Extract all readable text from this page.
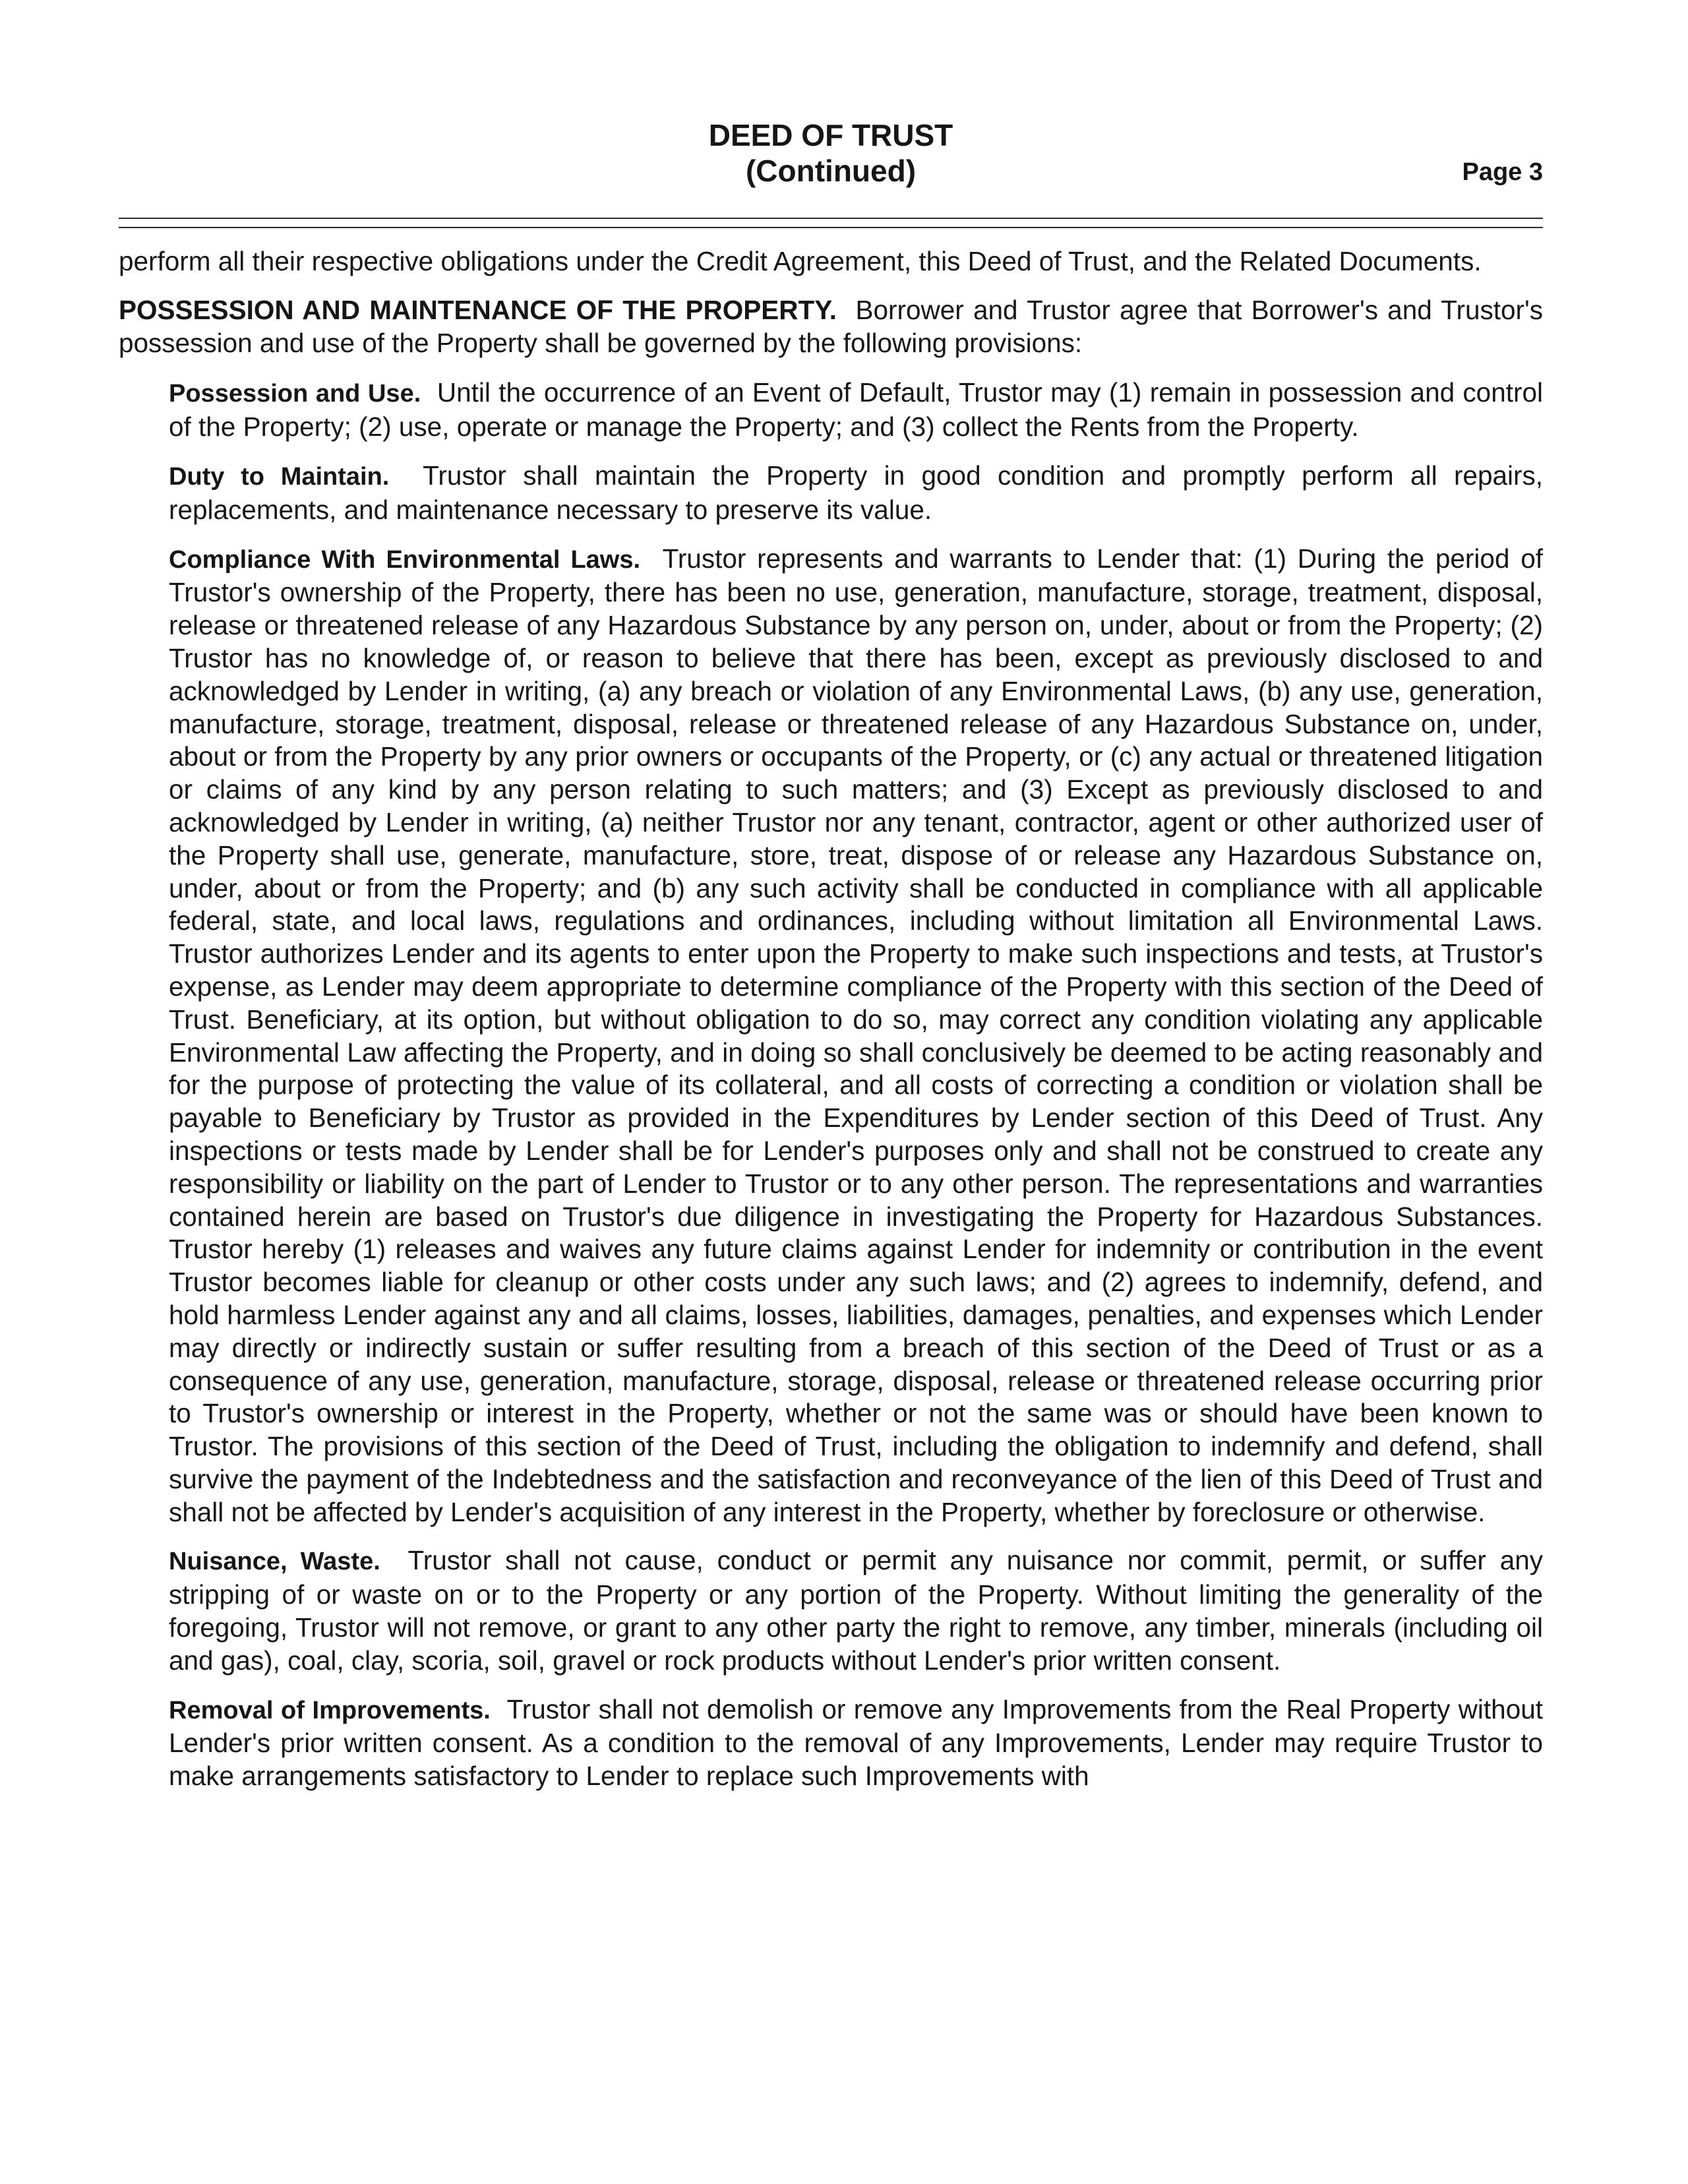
DEED OF TRUST
(Continued)	Page 3

perform all their respective obligations under the Credit Agreement, this Deed of Trust, and the Related Documents.

POSSESSION AND MAINTENANCE OF THE PROPERTY. Borrower and Trustor agree that Borrower's and Trustor's possession and use of the Property shall be governed by the following provisions:

Possession and Use. Until the occurrence of an Event of Default, Trustor may (1) remain in possession and control of the Property; (2) use, operate or manage the Property; and (3) collect the Rents from the Property.

Duty to Maintain. Trustor shall maintain the Property in good condition and promptly perform all repairs, replacements, and maintenance necessary to preserve its value.

Compliance With Environmental Laws. Trustor represents and warrants to Lender that: (1) During the period of Trustor's ownership of the Property, there has been no use, generation, manufacture, storage, treatment, disposal, release or threatened release of any Hazardous Substance by any person on, under, about or from the Property; (2) Trustor has no knowledge of, or reason to believe that there has been, except as previously disclosed to and acknowledged by Lender in writing, (a) any breach or violation of any Environmental Laws, (b) any use, generation, manufacture, storage, treatment, disposal, release or threatened release of any Hazardous Substance on, under, about or from the Property by any prior owners or occupants of the Property, or (c) any actual or threatened litigation or claims of any kind by any person relating to such matters; and (3) Except as previously disclosed to and acknowledged by Lender in writing, (a) neither Trustor nor any tenant, contractor, agent or other authorized user of the Property shall use, generate, manufacture, store, treat, dispose of or release any Hazardous Substance on, under, about or from the Property; and (b) any such activity shall be conducted in compliance with all applicable federal, state, and local laws, regulations and ordinances, including without limitation all Environmental Laws. Trustor authorizes Lender and its agents to enter upon the Property to make such inspections and tests, at Trustor's expense, as Lender may deem appropriate to determine compliance of the Property with this section of the Deed of Trust. Beneficiary, at its option, but without obligation to do so, may correct any condition violating any applicable Environmental Law affecting the Property, and in doing so shall conclusively be deemed to be acting reasonably and for the purpose of protecting the value of its collateral, and all costs of correcting a condition or violation shall be payable to Beneficiary by Trustor as provided in the Expenditures by Lender section of this Deed of Trust. Any inspections or tests made by Lender shall be for Lender's purposes only and shall not be construed to create any responsibility or liability on the part of Lender to Trustor or to any other person. The representations and warranties contained herein are based on Trustor's due diligence in investigating the Property for Hazardous Substances. Trustor hereby (1) releases and waives any future claims against Lender for indemnity or contribution in the event Trustor becomes liable for cleanup or other costs under any such laws; and (2) agrees to indemnify, defend, and hold harmless Lender against any and all claims, losses, liabilities, damages, penalties, and expenses which Lender may directly or indirectly sustain or suffer resulting from a breach of this section of the Deed of Trust or as a consequence of any use, generation, manufacture, storage, disposal, release or threatened release occurring prior to Trustor's ownership or interest in the Property, whether or not the same was or should have been known to Trustor. The provisions of this section of the Deed of Trust, including the obligation to indemnify and defend, shall survive the payment of the Indebtedness and the satisfaction and reconveyance of the lien of this Deed of Trust and shall not be affected by Lender's acquisition of any interest in the Property, whether by foreclosure or otherwise.

Nuisance, Waste. Trustor shall not cause, conduct or permit any nuisance nor commit, permit, or suffer any stripping of or waste on or to the Property or any portion of the Property. Without limiting the generality of the foregoing, Trustor will not remove, or grant to any other party the right to remove, any timber, minerals (including oil and gas), coal, clay, scoria, soil, gravel or rock products without Lender's prior written consent.

Removal of Improvements. Trustor shall not demolish or remove any Improvements from the Real Property without Lender's prior written consent. As a condition to the removal of any Improvements, Lender may require Trustor to make arrangements satisfactory to Lender to replace such Improvements with
